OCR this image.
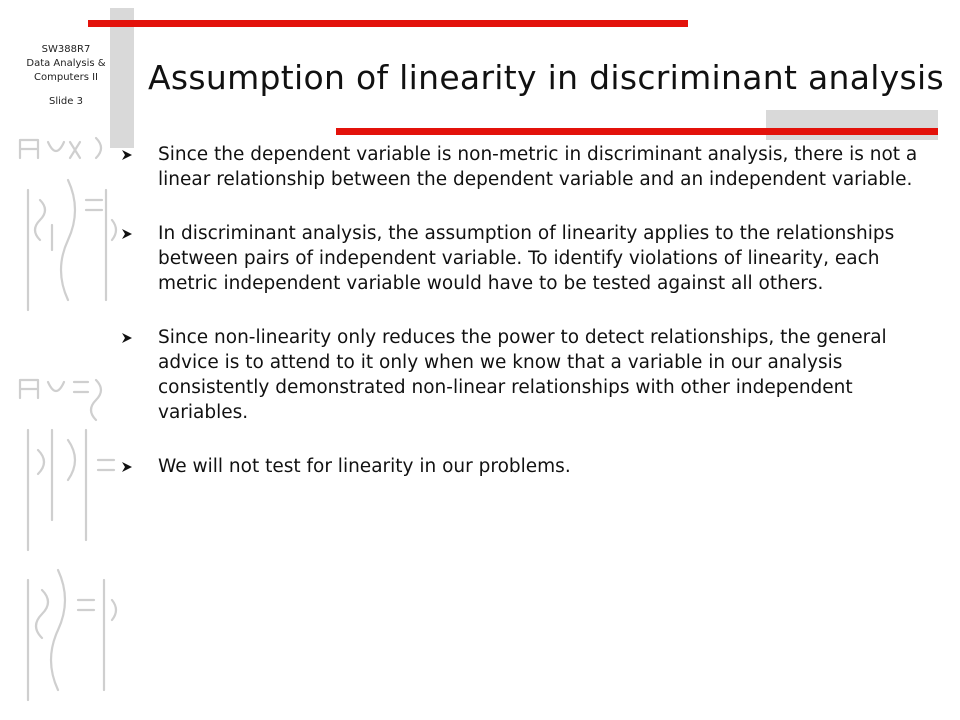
SW388R7
Data Analysis &
Computers II
Slide 3
Assumption of linearity in discriminant analysis
Since the dependent variable is non-metric in discriminant analysis, there is not a linear relationship between the dependent variable and an independent variable.
In discriminant analysis, the assumption of linearity applies to the relationships between pairs of independent variable. To identify violations of linearity, each metric independent variable would have to be tested against all others.
Since non-linearity only reduces the power to detect relationships, the general advice is to attend to it only when we know that a variable in our analysis consistently demonstrated non-linear relationships with other independent variables.
We will not test for linearity in our problems.
